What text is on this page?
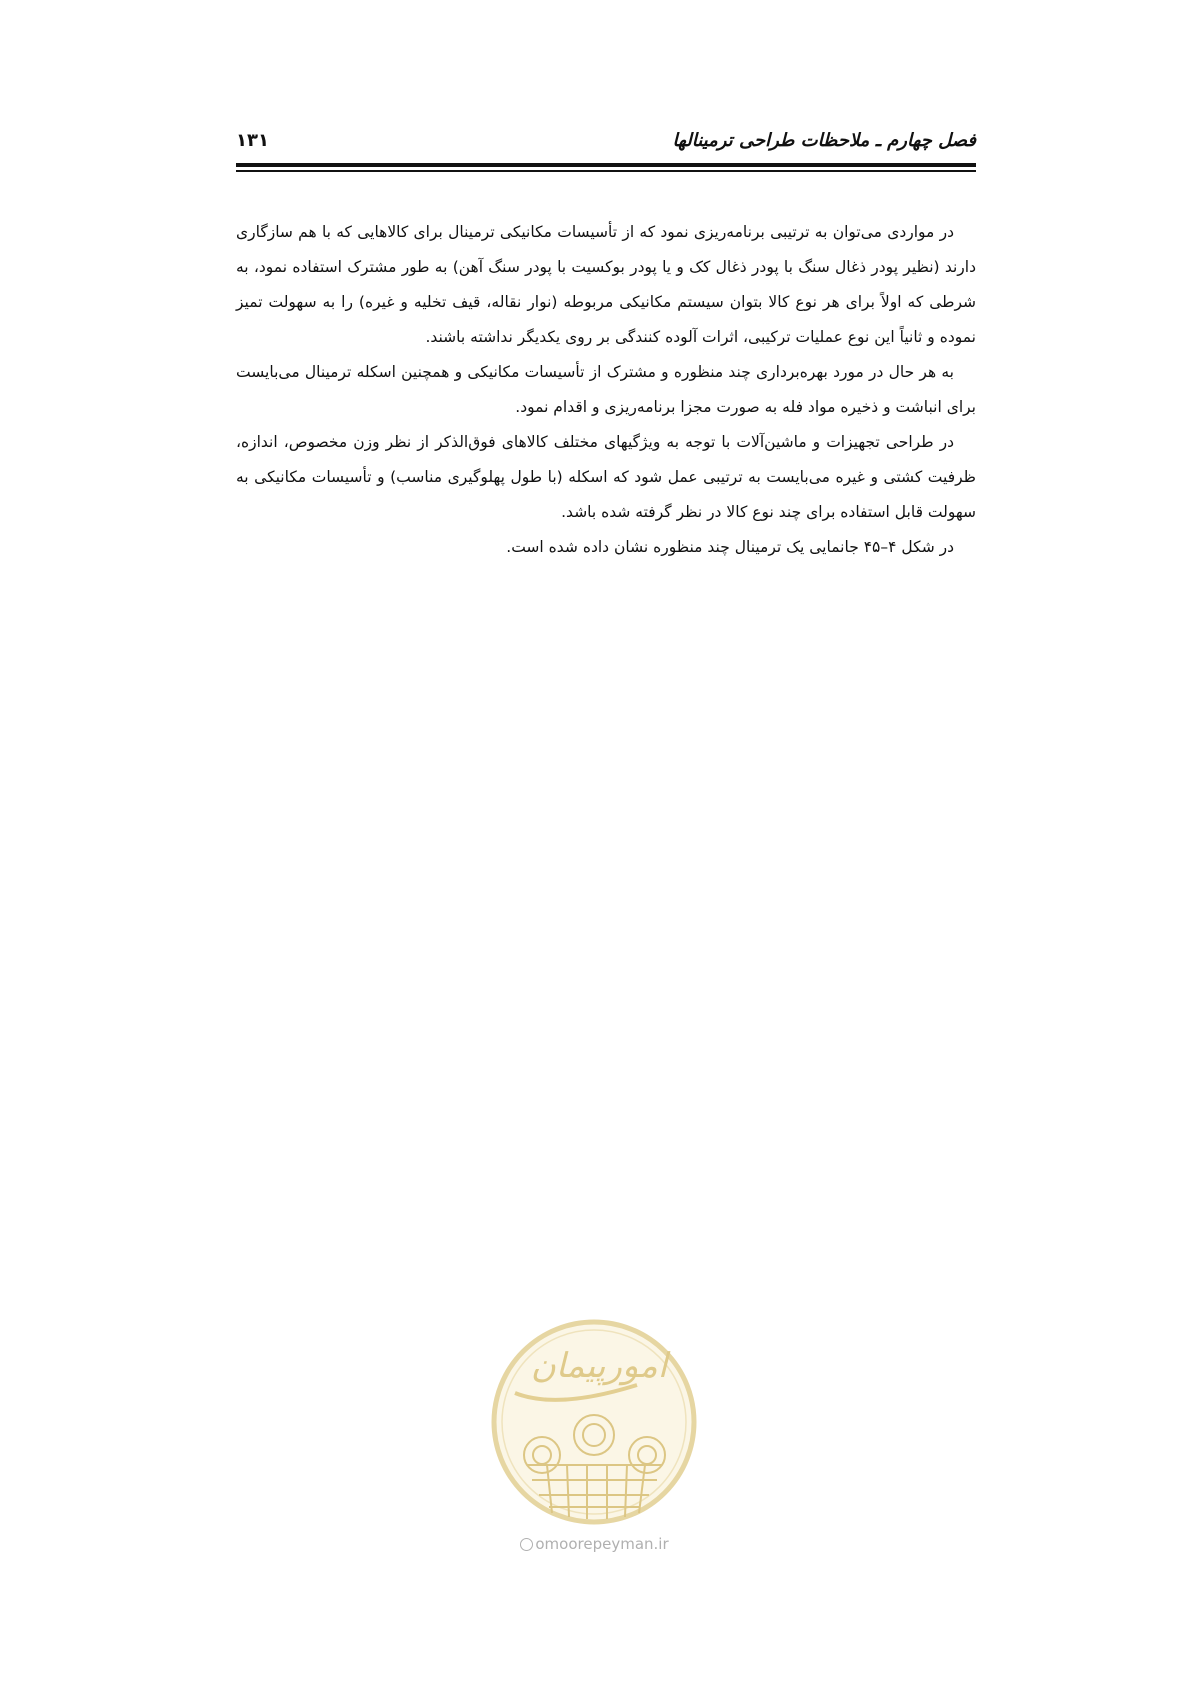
فصل چهارم ـ ملاحظات طراحی ترمینالها
۱۳۱

در مواردی می‌توان به ترتیبی برنامه‌ریزی نمود که از تأسیسات مکانیکی ترمینال برای کالاهایی که با هم سازگاری دارند (نظیر پودر ذغال سنگ با پودر ذغال کک و یا پودر بوکسیت با پودر سنگ آهن) به طور مشترک استفاده نمود، به شرطی که اولاً برای هر نوع کالا بتوان سیستم مکانیکی مربوطه (نوار نقاله، قیف تخلیه و غیره) را به سهولت تمیز نموده و ثانیاً این نوع عملیات ترکیبی، اثرات آلوده کنندگی بر روی یکدیگر نداشته باشند.

به هر حال در مورد بهره‌برداری چند منظوره و مشترک از تأسیسات مکانیکی و همچنین اسکله ترمینال می‌بایست برای انباشت و ذخیره مواد فله به صورت مجزا برنامه‌ریزی و اقدام نمود.

در طراحی تجهیزات و ماشین‌آلات با توجه به ویژگیهای مختلف کالاهای فوق‌الذکر از نظر وزن مخصوص، اندازه، ظرفیت کشتی و غیره می‌بایست به ترتیبی عمل شود که اسکله (با طول پهلوگیری مناسب) و تأسیسات مکانیکی به سهولت قابل استفاده برای چند نوع کالا در نظر گرفته شده باشد.

در شکل ۴–۴۵ جانمایی یک ترمینال چند منظوره نشان داده شده است.

امورپیمان
omoorepeyman.ir
